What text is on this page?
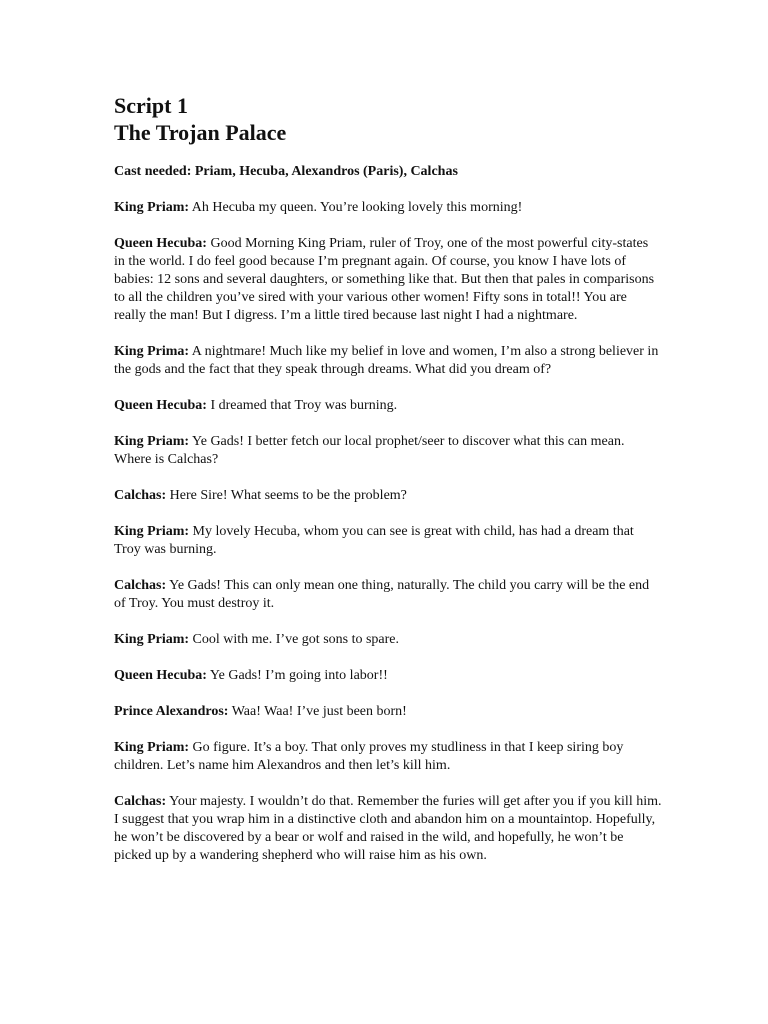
Script 1
The Trojan Palace
Cast needed: Priam, Hecuba, Alexandros (Paris), Calchas
King Priam: Ah Hecuba my queen. You’re looking lovely this morning!
Queen Hecuba: Good Morning King Priam, ruler of Troy, one of the most powerful city-states in the world. I do feel good because I’m pregnant again. Of course, you know I have lots of babies: 12 sons and several daughters, or something like that. But then that pales in comparisons to all the children you’ve sired with your various other women! Fifty sons in total!! You are really the man! But I digress. I’m a little tired because last night I had a nightmare.
King Prima: A nightmare! Much like my belief in love and women, I’m also a strong believer in the gods and the fact that they speak through dreams. What did you dream of?
Queen Hecuba: I dreamed that Troy was burning.
King Priam: Ye Gads! I better fetch our local prophet/seer to discover what this can mean. Where is Calchas?
Calchas: Here Sire! What seems to be the problem?
King Priam: My lovely Hecuba, whom you can see is great with child, has had a dream that Troy was burning.
Calchas: Ye Gads! This can only mean one thing, naturally. The child you carry will be the end of Troy. You must destroy it.
King Priam: Cool with me. I’ve got sons to spare.
Queen Hecuba: Ye Gads! I’m going into labor!!
Prince Alexandros: Waa! Waa! I’ve just been born!
King Priam: Go figure. It’s a boy. That only proves my studliness in that I keep siring boy children. Let’s name him Alexandros and then let’s kill him.
Calchas: Your majesty. I wouldn’t do that. Remember the furies will get after you if you kill him. I suggest that you wrap him in a distinctive cloth and abandon him on a mountaintop. Hopefully, he won’t be discovered by a bear or wolf and raised in the wild, and hopefully, he won’t be picked up by a wandering shepherd who will raise him as his own.
